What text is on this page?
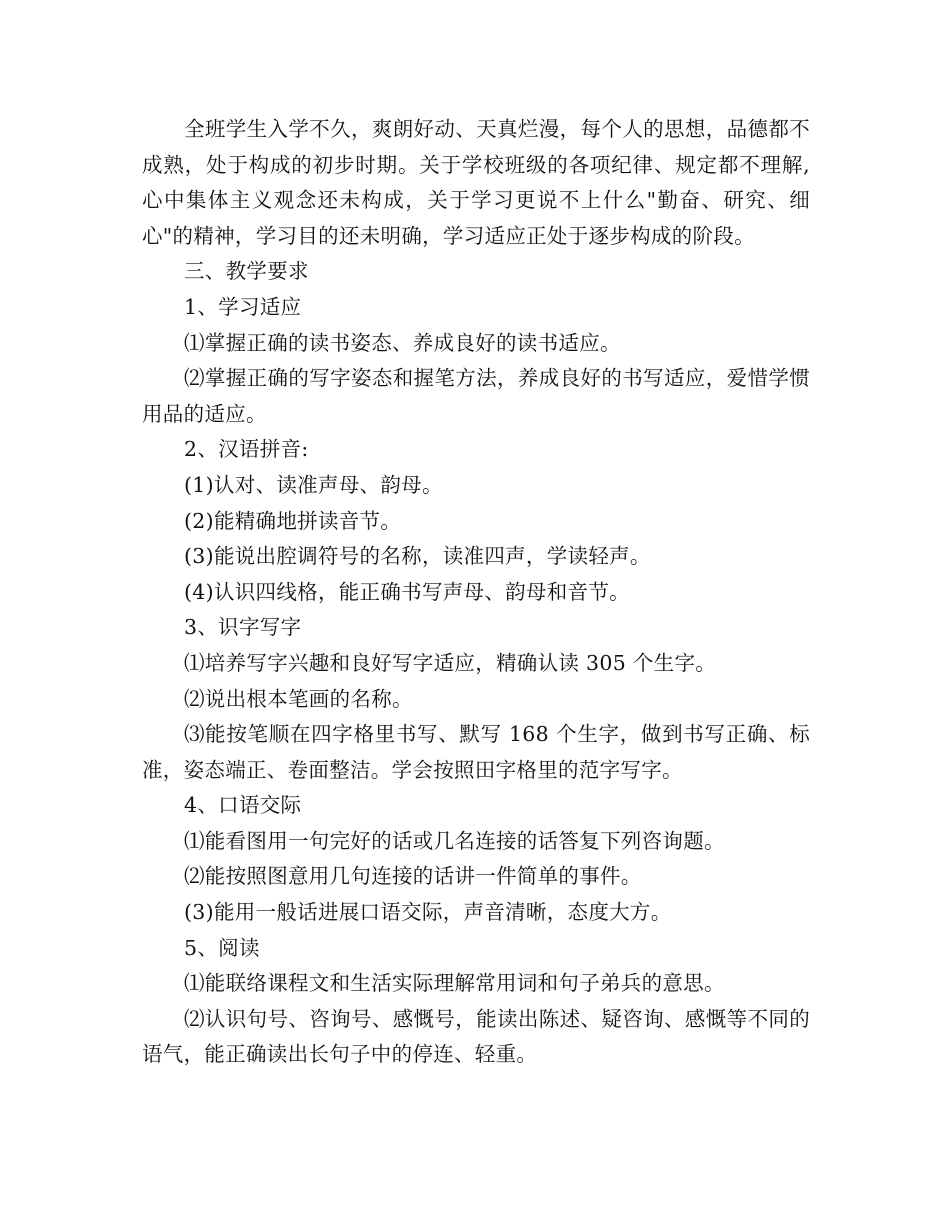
全班学生入学不久，爽朗好动、天真烂漫，每个人的思想，品德都不成熟，处于构成的初步时期。关于学校班级的各项纪律、规定都不理解,心中集体主义观念还未构成，关于学习更说不上什么"勤奋、研究、细心"的精神，学习目的还未明确，学习适应正处于逐步构成的阶段。

三、教学要求

1、学习适应

⑴掌握正确的读书姿态、养成良好的读书适应。

⑵掌握正确的写字姿态和握笔方法，养成良好的书写适应，爱惜学惯用品的适应。

2、汉语拼音:

(1)认对、读准声母、韵母。

(2)能精确地拼读音节。

(3)能说出腔调符号的名称，读准四声，学读轻声。

(4)认识四线格，能正确书写声母、韵母和音节。

3、识字写字

⑴培养写字兴趣和良好写字适应，精确认读 305 个生字。

⑵说出根本笔画的名称。

⑶能按笔顺在四字格里书写、默写 168 个生字，做到书写正确、标准，姿态端正、卷面整洁。学会按照田字格里的范字写字。

4、口语交际

⑴能看图用一句完好的话或几名连接的话答复下列咨询题。

⑵能按照图意用几句连接的话讲一件简单的事件。

(3)能用一般话进展口语交际，声音清晰，态度大方。

5、阅读

⑴能联络课程文和生活实际理解常用词和句子弟兵的意思。

⑵认识句号、咨询号、感慨号，能读出陈述、疑咨询、感慨等不同的语气，能正确读出长句子中的停连、轻重。
